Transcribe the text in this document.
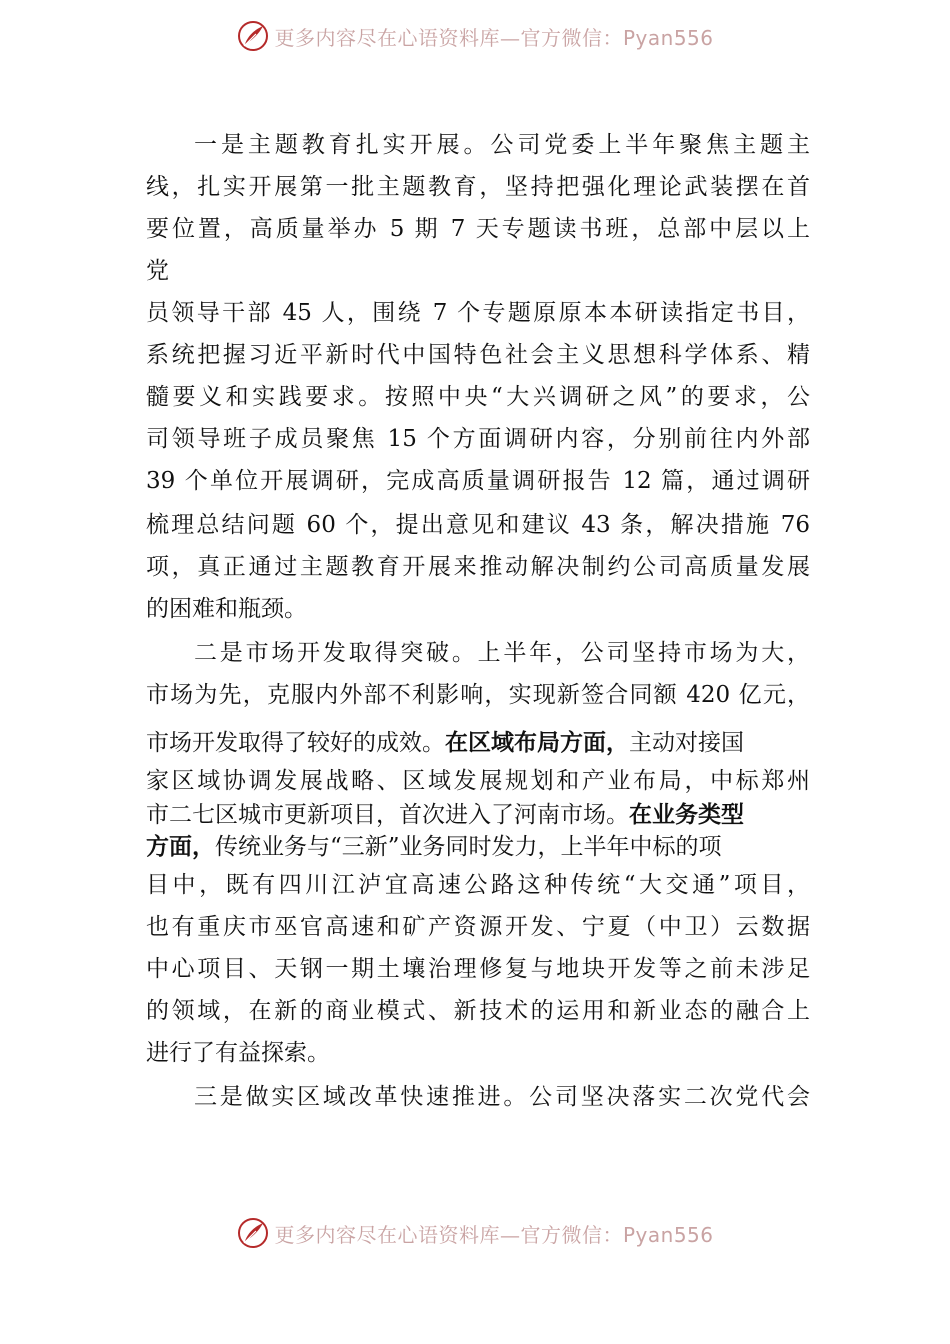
更多内容尽在心语资料库—官方微信：Pyan556
一是主题教育扎实开展。公司党委上半年聚焦主题主
线，扎实开展第一批主题教育，坚持把强化理论武装摆在首
要位置，高质量举办 5 期 7 天专题读书班，总部中层以上
党
员领导干部 45 人，围绕 7 个专题原原本本研读指定书目，
系统把握习近平新时代中国特色社会主义思想科学体系、精
髓要义和实践要求。按照中央“大兴调研之风”的要求，公
司领导班子成员聚焦 15 个方面调研内容，分别前往内外部
39 个单位开展调研，完成高质量调研报告 12 篇，通过调研
梳理总结问题 60 个，提出意见和建议 43 条，解决措施 76
项，真正通过主题教育开展来推动解决制约公司高质量发展
的困难和瓶颈。
二是市场开发取得突破。上半年，公司坚持市场为大，
市场为先，克服内外部不利影响，实现新签合同额 420 亿元，
市场开发取得了较好的成效。在区域布局方面，主动对接国
家区域协调发展战略、区域发展规划和产业布局，中标郑州
市二七区城市更新项目，首次进入了河南市场。在业务类型
方面，传统业务与“三新”业务同时发力，上半年中标的项
目中，既有四川江泸宜高速公路这种传统“大交通”项目，
也有重庆市巫官高速和矿产资源开发、宁夏（中卫）云数据
中心项目、天钢一期土壤治理修复与地块开发等之前未涉足
的领域，在新的商业模式、新技术的运用和新业态的融合上
进行了有益探索。
三是做实区域改革快速推进。公司坚决落实二次党代会
更多内容尽在心语资料库—官方微信：Pyan556
